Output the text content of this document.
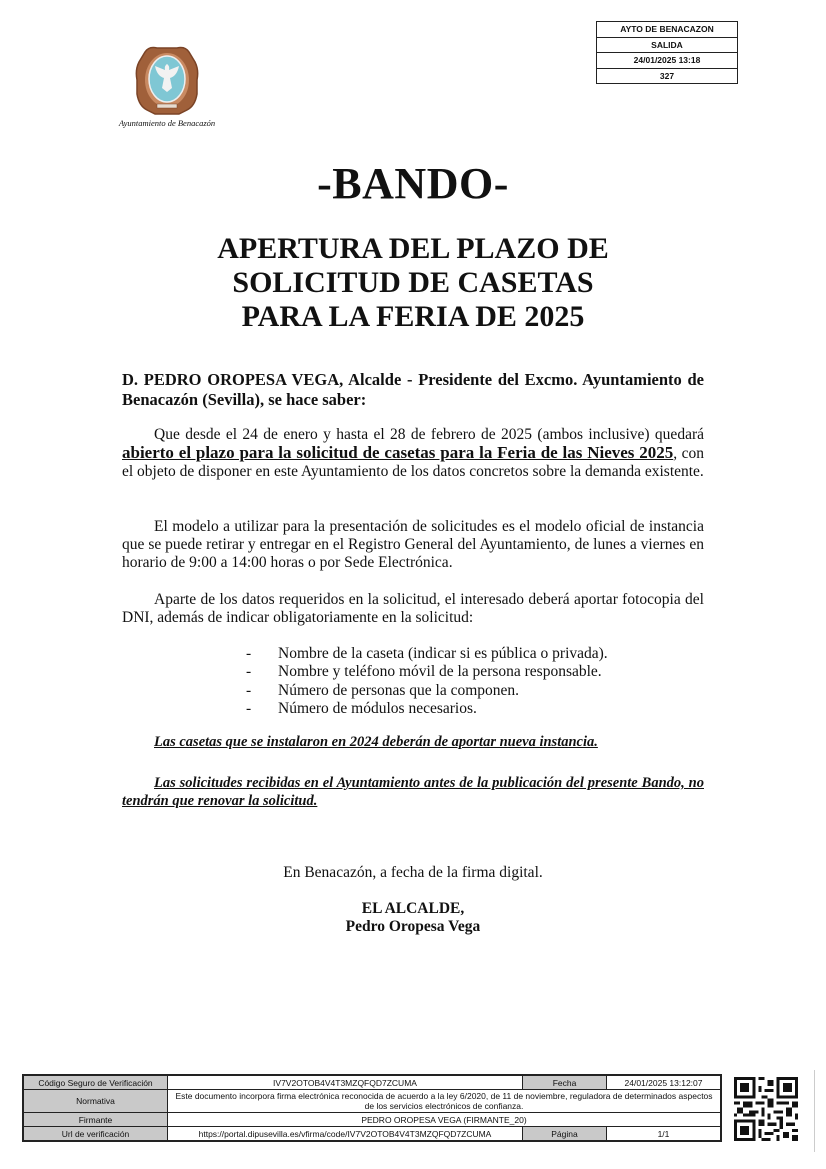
AYTO DE BENACAZON
SALIDA
24/01/2025 13:18
327
Ayuntamiento de Benacazón
-BANDO-
APERTURA DEL PLAZO DE
SOLICITUD DE CASETAS
PARA LA FERIA DE 2025
D. PEDRO OROPESA VEGA, Alcalde - Presidente del Excmo. Ayuntamiento de Benacazón (Sevilla), se hace saber:
Que desde el 24 de enero y hasta el 28 de febrero de 2025 (ambos inclusive) quedará abierto el plazo para la solicitud de casetas para la Feria de las Nieves 2025, con el objeto de disponer en este Ayuntamiento de los datos concretos sobre la demanda existente.
El modelo a utilizar para la presentación de solicitudes es el modelo oficial de instancia que se puede retirar y entregar en el Registro General del Ayuntamiento, de lunes a viernes en horario de 9:00 a 14:00 horas o por Sede Electrónica.
Aparte de los datos requeridos en la solicitud, el interesado deberá aportar fotocopia del DNI, además de indicar obligatoriamente en la solicitud:
-	Nombre de la caseta (indicar si es pública o privada).
-	Nombre y teléfono móvil de la persona responsable.
-	Número de personas que la componen.
-	Número de módulos necesarios.
Las casetas que se instalaron en 2024 deberán de aportar nueva instancia.
Las solicitudes recibidas en el Ayuntamiento antes de la publicación del presente Bando, no tendrán que renovar la solicitud.
En Benacazón, a fecha de la firma digital.
EL ALCALDE,
Pedro Oropesa Vega
Código Seguro de Verificación	IV7V2OTOB4V4T3MZQFQD7ZCUMA	Fecha	24/01/2025 13:12:07
Normativa	Este documento incorpora firma electrónica reconocida de acuerdo a la ley 6/2020, de 11 de noviembre, reguladora de determinados aspectos de los servicios electrónicos de confianza.		
Firmante	PEDRO OROPESA VEGA (FIRMANTE_20)		
Url de verificación	https://portal.dipusevilla.es/vfirma/code/IV7V2OTOB4V4T3MZQFQD7ZCUMA	Página	1/1
